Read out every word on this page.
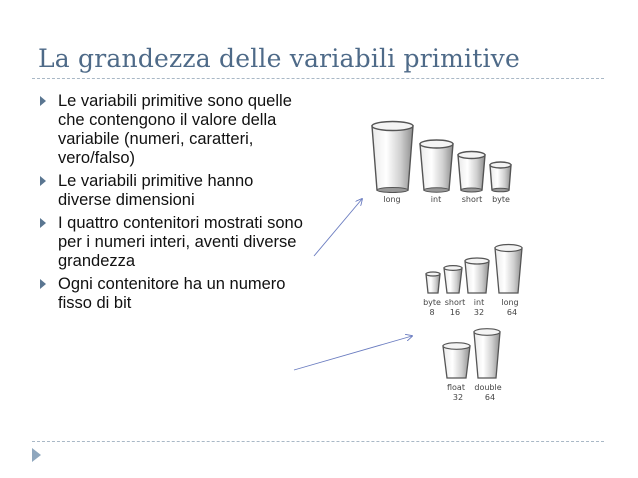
La grandezza delle variabili primitive
Le variabili primitive sono quelle che contengono il valore della variabile (numeri, caratteri, vero/falso)
Le variabili primitive hanno diverse dimensioni
I quattro contenitori mostrati sono per i numeri interi, aventi diverse grandezza
Ogni contenitore ha un numero fisso di bit
long	int	short byte
byte short int long
8 16 32	64
float double
32	64
